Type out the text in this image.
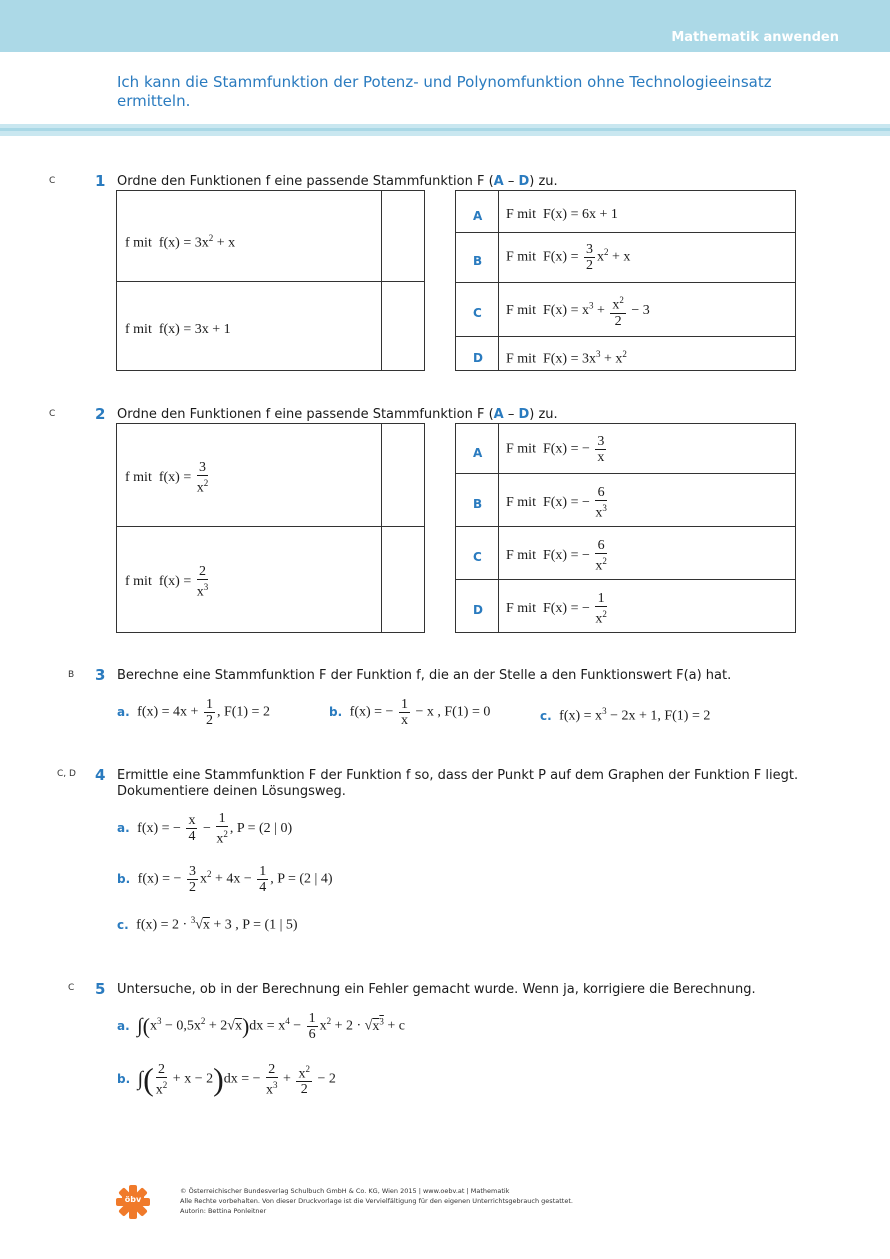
Mathematik anwenden
Ich kann die Stammfunktion der Potenz- und Polynomfunktion ohne Technologieeinsatz
ermitteln.
C	1 Ordne den Funktionen f eine passende Stammfunktion F (A – D) zu.
f mit  $f(x) = 3x^2 + x$
f mit  f(x) = 3x + 1
A F mit  F(x) = 6x + 1
B F mit  $F(x) = \frac{3}{2} x^2 + x$
C F mit  $F(x) = x^3 + \frac{x^2}{2} - 3$
D F mit  $F(x) = 3x^3 + x^2$
C	2 Ordne den Funktionen f eine passende Stammfunktion F (A – D) zu.
f mit  $f(x) = \frac{3}{x^2}$
f mit  $f(x) = \frac{2}{x^3}$
A F mit  F(x) = − $\frac{3}{x}$
B F mit  F(x) = − $\frac{6}{x^3}$
C F mit  F(x) = − $\frac{6}{x^2}$
D F mit  F(x) = − $\frac{1}{x^2}$
B 3 Berechne eine Stammfunktion F der Funktion f, die an der Stelle a den Funktionswert F(a) hat.
a. $f(x) = 4x + \frac{1}{2}$ , F(1) = 2	b. f(x) = − $\frac{1}{x} - x$ , F(1) = 0	c. $f(x) = x^3 - 2x + 1$, F(1) = 2
C, D 4 Ermittle eine Stammfunktion F der Funktion f so, dass der Punkt P auf dem Graphen der Funktion F liegt.
Dokumentiere deinen Lösungsweg.
a. f(x) = − $\frac{x}{4} - \frac{1}{x^2}$ , P = (2 | 0)
b. f(x) = − $\frac{3}{2} x^2 + 4x - \frac{1}{4}$ , P = (2 | 4)
c. f(x) = 2 · $^3$√x + 3 , P = (1 | 5)
C 5 Untersuche, ob in der Berechnung ein Fehler gemacht wurde. Wenn ja, korrigiere die Berechnung.
a. $\int(x^3 - 0,5x^2 + 2√x)dx = x^4 - \frac{1}{6} x^2 + 2 \cdot √x^3 + c$
b. ∫( $\frac{2}{x^2} + x - 2)dx$ = − $\frac{2}{x^3} + \frac{x^2}{2} - 2$
öbv
© Österreichischer Bundesverlag Schulbuch GmbH & Co. KG, Wien 2015 | www.oebv.at | Mathematik
Alle Rechte vorbehalten. Von dieser Druckvorlage ist die Vervielfältigung für den eigenen Unterrichtsgebrauch gestattet.
Autorin: Bettina Ponleitner
